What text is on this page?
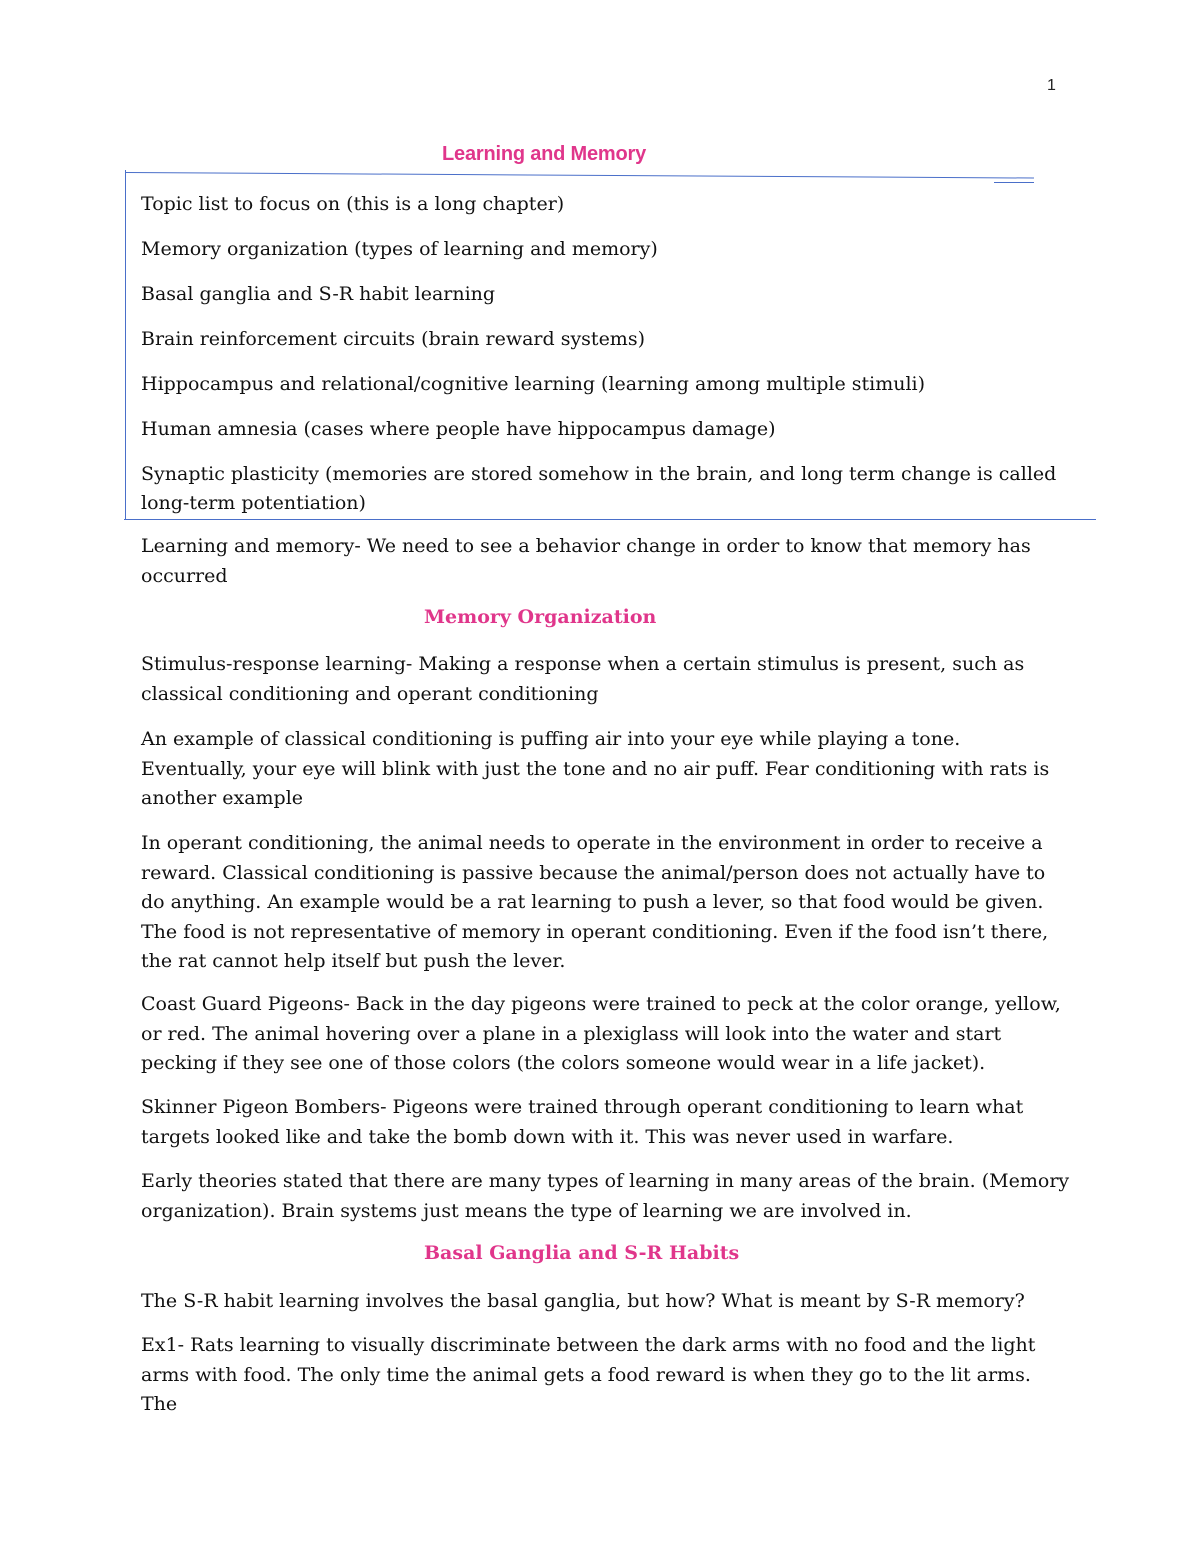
1
Learning and Memory
Topic list to focus on (this is a long chapter)
Memory organization (types of learning and memory)
Basal ganglia and S-R habit learning
Brain reinforcement circuits (brain reward systems)
Hippocampus and relational/cognitive learning (learning among multiple stimuli)
Human amnesia (cases where people have hippocampus damage)
Synaptic plasticity (memories are stored somehow in the brain, and long term change is called long-term potentiation)

Learning and memory- We need to see a behavior change in order to know that memory has occurred

Memory Organization

Stimulus-response learning- Making a response when a certain stimulus is present, such as classical conditioning and operant conditioning

An example of classical conditioning is puffing air into your eye while playing a tone. Eventually, your eye will blink with just the tone and no air puff. Fear conditioning with rats is another example

In operant conditioning, the animal needs to operate in the environment in order to receive a reward. Classical conditioning is passive because the animal/person does not actually have to do anything. An example would be a rat learning to push a lever, so that food would be given. The food is not representative of memory in operant conditioning. Even if the food isn’t there, the rat cannot help itself but push the lever.

Coast Guard Pigeons- Back in the day pigeons were trained to peck at the color orange, yellow, or red. The animal hovering over a plane in a plexiglass will look into the water and start pecking if they see one of those colors (the colors someone would wear in a life jacket).

Skinner Pigeon Bombers- Pigeons were trained through operant conditioning to learn what targets looked like and take the bomb down with it. This was never used in warfare.

Early theories stated that there are many types of learning in many areas of the brain. (Memory organization). Brain systems just means the type of learning we are involved in.

Basal Ganglia and S-R Habits

The S-R habit learning involves the basal ganglia, but how? What is meant by S-R memory?

Ex1- Rats learning to visually discriminate between the dark arms with no food and the light arms with food. The only time the animal gets a food reward is when they go to the lit arms. The
